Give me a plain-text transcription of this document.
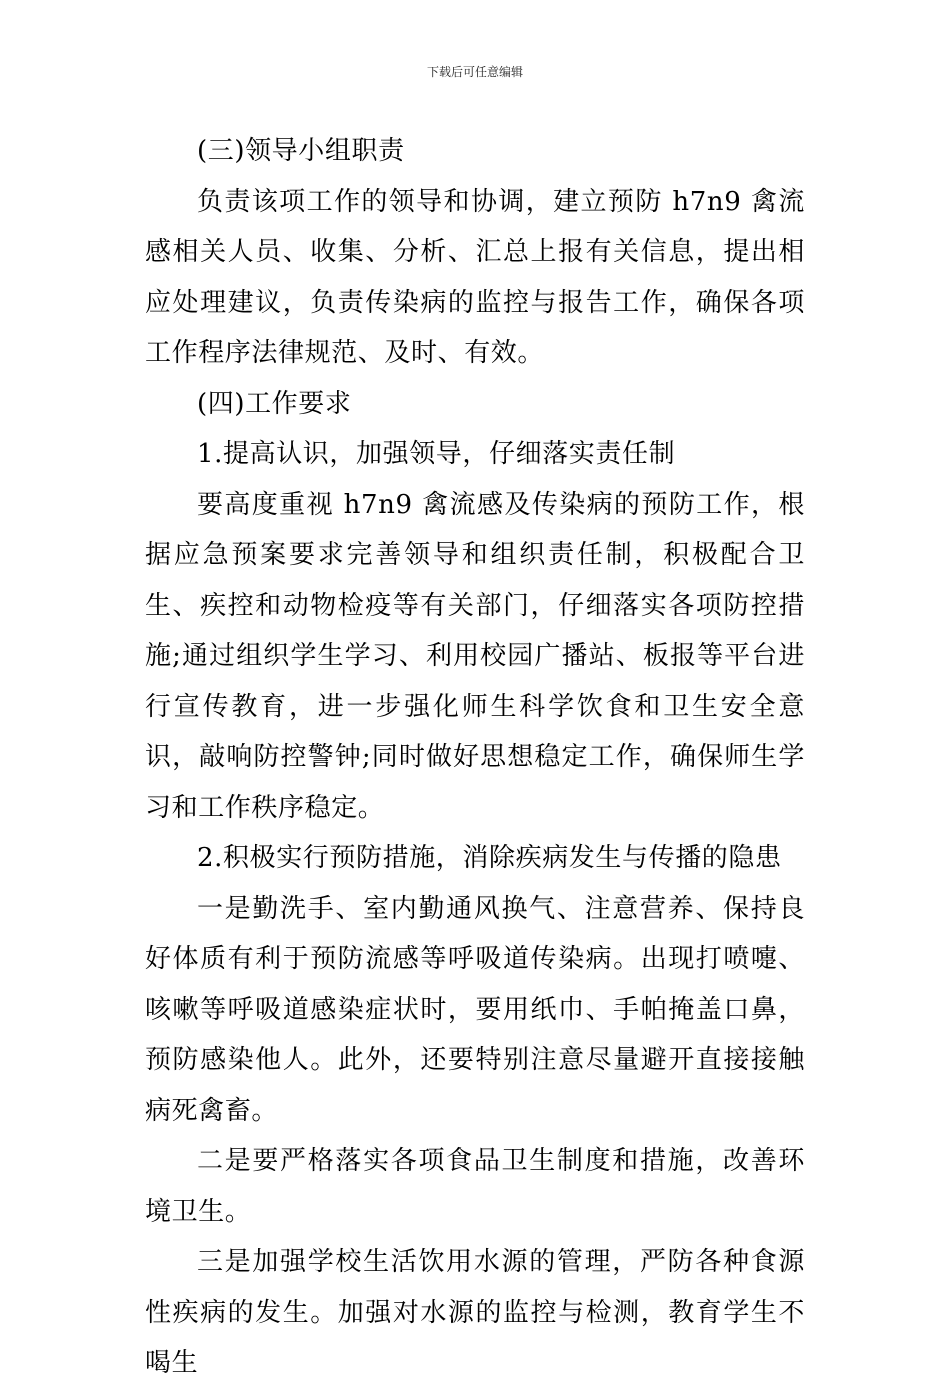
下载后可任意编辑

(三)领导小组职责

负责该项工作的领导和协调，建立预防 h7n9 禽流感相关人员、收集、分析、汇总上报有关信息，提出相应处理建议，负责传染病的监控与报告工作，确保各项工作程序法律规范、及时、有效。

(四)工作要求

1.提高认识，加强领导，仔细落实责任制

要高度重视 h7n9 禽流感及传染病的预防工作，根据应急预案要求完善领导和组织责任制，积极配合卫生、疾控和动物检疫等有关部门，仔细落实各项防控措施;通过组织学生学习、利用校园广播站、板报等平台进行宣传教育，进一步强化师生科学饮食和卫生安全意识，敲响防控警钟;同时做好思想稳定工作，确保师生学习和工作秩序稳定。

2.积极实行预防措施，消除疾病发生与传播的隐患

一是勤洗手、室内勤通风换气、注意营养、保持良好体质有利于预防流感等呼吸道传染病。出现打喷嚏、咳嗽等呼吸道感染症状时，要用纸巾、手帕掩盖口鼻，预防感染他人。此外，还要特别注意尽量避开直接接触病死禽畜。

二是要严格落实各项食品卫生制度和措施，改善环境卫生。

三是加强学校生活饮用水源的管理，严防各种食源性疾病的发生。加强对水源的监控与检测，教育学生不喝生
